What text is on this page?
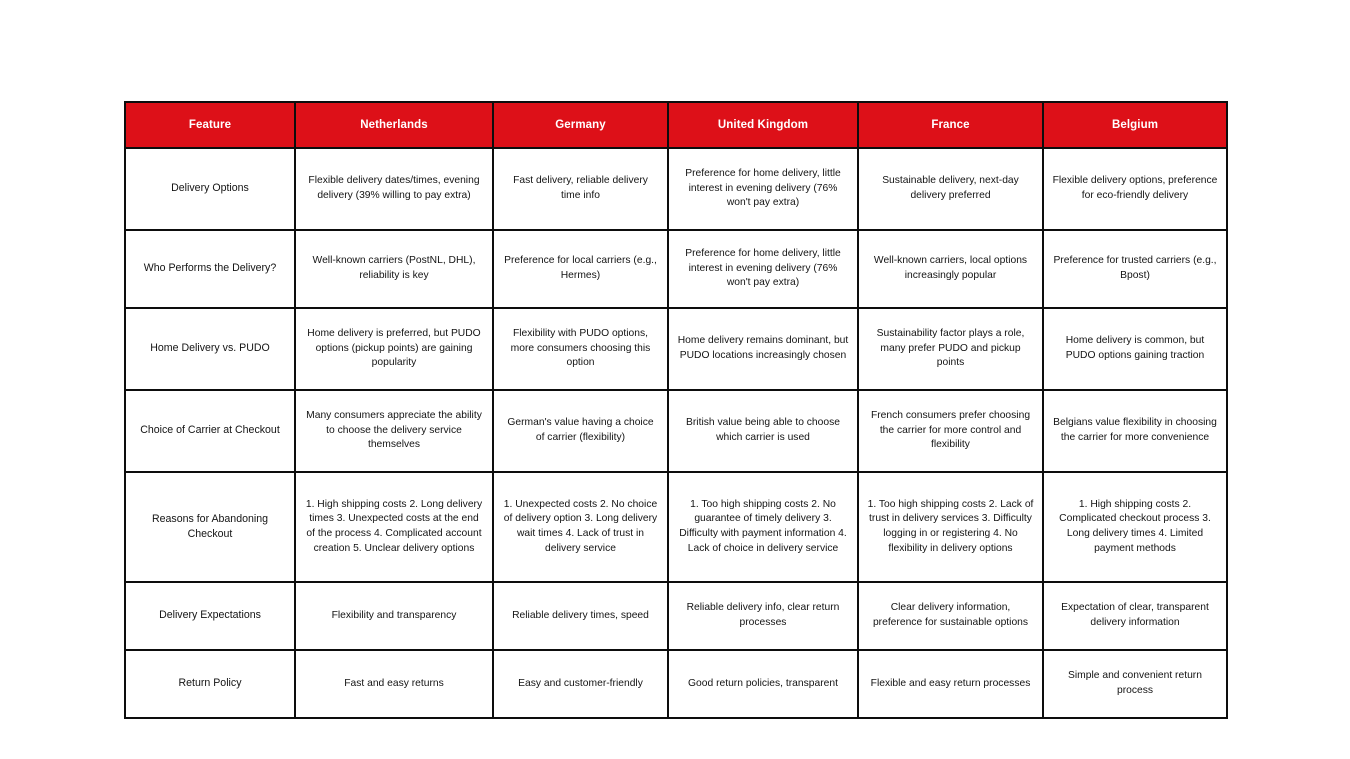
Feature	Netherlands	Germany	United Kingdom	France	Belgium
Delivery Options	Flexible delivery dates/times, evening delivery (39% willing to pay extra)	Fast delivery, reliable delivery time info	Preference for home delivery, little interest in evening delivery (76% won't pay extra)	Sustainable delivery, next-day delivery preferred	Flexible delivery options, preference for eco-friendly delivery
Who Performs the Delivery?	Well-known carriers (PostNL, DHL), reliability is key	Preference for local carriers (e.g., Hermes)	Preference for home delivery, little interest in evening delivery (76% won't pay extra)	Well-known carriers, local options increasingly popular	Preference for trusted carriers (e.g., Bpost)
Home Delivery vs. PUDO	Home delivery is preferred, but PUDO options (pickup points) are gaining popularity	Flexibility with PUDO options, more consumers choosing this option	Home delivery remains dominant, but PUDO locations increasingly chosen	Sustainability factor plays a role, many prefer PUDO and pickup points	Home delivery is common, but PUDO options gaining traction
Choice of Carrier at Checkout	Many consumers appreciate the ability to choose the delivery service themselves	German's value having a choice of carrier (flexibility)	British value being able to choose which carrier is used	French consumers prefer choosing the carrier for more control and flexibility	Belgians value flexibility in choosing the carrier for more convenience
Reasons for Abandoning Checkout	1. High shipping costs 2. Long delivery times 3. Unexpected costs at the end of the process 4. Complicated account creation 5. Unclear delivery options	1. Unexpected costs 2. No choice of delivery option 3. Long delivery wait times 4. Lack of trust in delivery service	1. Too high shipping costs 2. No guarantee of timely delivery 3. Difficulty with payment information 4. Lack of choice in delivery service	1. Too high shipping costs 2. Lack of trust in delivery services 3. Difficulty logging in or registering 4. No flexibility in delivery options	1. High shipping costs 2. Complicated checkout process 3. Long delivery times 4. Limited payment methods
Delivery Expectations	Flexibility and transparency	Reliable delivery times, speed	Reliable delivery info, clear return processes	Clear delivery information, preference for sustainable options	Expectation of clear, transparent delivery information
Return Policy	Fast and easy returns	Easy and customer-friendly	Good return policies, transparent	Flexible and easy return processes	Simple and convenient return process
